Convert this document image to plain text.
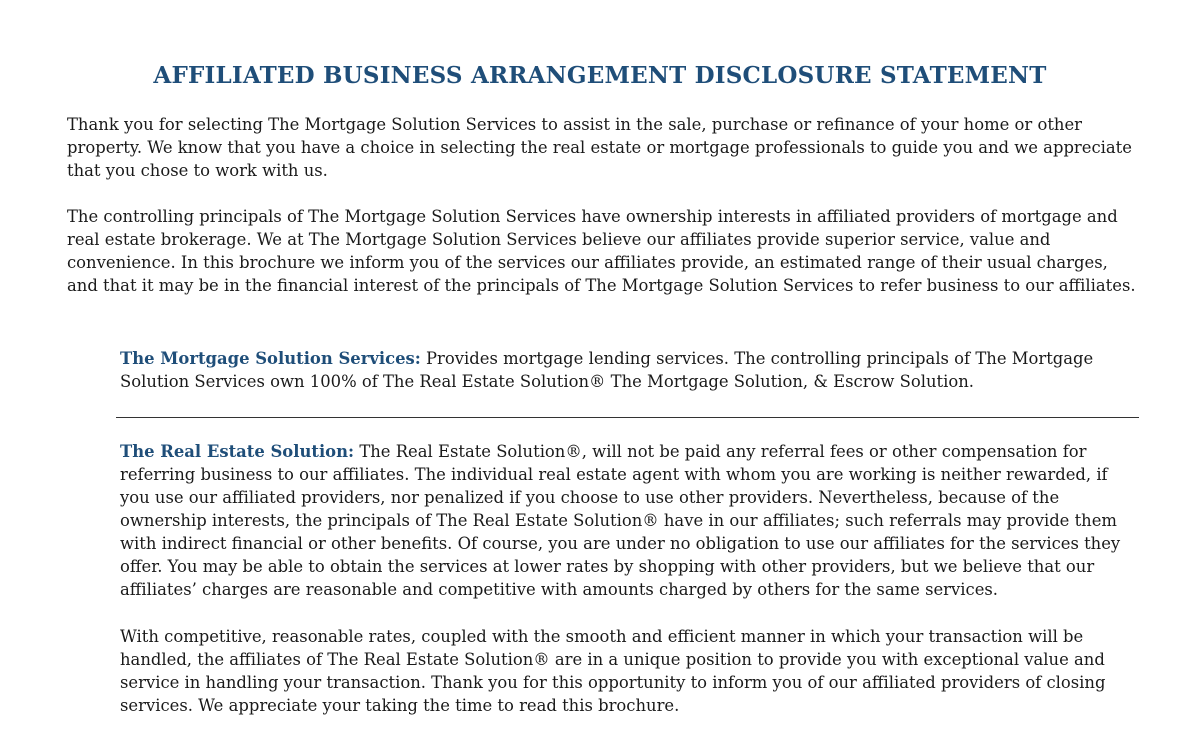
AFFILIATED BUSINESS ARRANGEMENT DISCLOSURE STATEMENT

Thank you for selecting The Mortgage Solution Services to assist in the sale, purchase or refinance of your home or other property. We know that you have a choice in selecting the real estate or mortgage professionals to guide you and we appreciate that you chose to work with us.

The controlling principals of The Mortgage Solution Services have ownership interests in affiliated providers of mortgage and real estate brokerage. We at The Mortgage Solution Services believe our affiliates provide superior service, value and convenience. In this brochure we inform you of the services our affiliates provide, an estimated range of their usual charges, and that it may be in the financial interest of the principals of The Mortgage Solution Services to refer business to our affiliates.

The Mortgage Solution Services: Provides mortgage lending services. The controlling principals of The Mortgage Solution Services own 100% of The Real Estate Solution® The Mortgage Solution, & Escrow Solution.

The Real Estate Solution: The Real Estate Solution®, will not be paid any referral fees or other compensation for referring business to our affiliates. The individual real estate agent with whom you are working is neither rewarded, if you use our affiliated providers, nor penalized if you choose to use other providers. Nevertheless, because of the ownership interests, the principals of The Real Estate Solution® have in our affiliates; such referrals may provide them with indirect financial or other benefits. Of course, you are under no obligation to use our affiliates for the services they offer. You may be able to obtain the services at lower rates by shopping with other providers, but we believe that our affiliates’ charges are reasonable and competitive with amounts charged by others for the same services.

With competitive, reasonable rates, coupled with the smooth and efficient manner in which your transaction will be handled, the affiliates of The Real Estate Solution® are in a unique position to provide you with exceptional value and service in handling your transaction. Thank you for this opportunity to inform you of our affiliated providers of closing services. We appreciate your taking the time to read this brochure.
